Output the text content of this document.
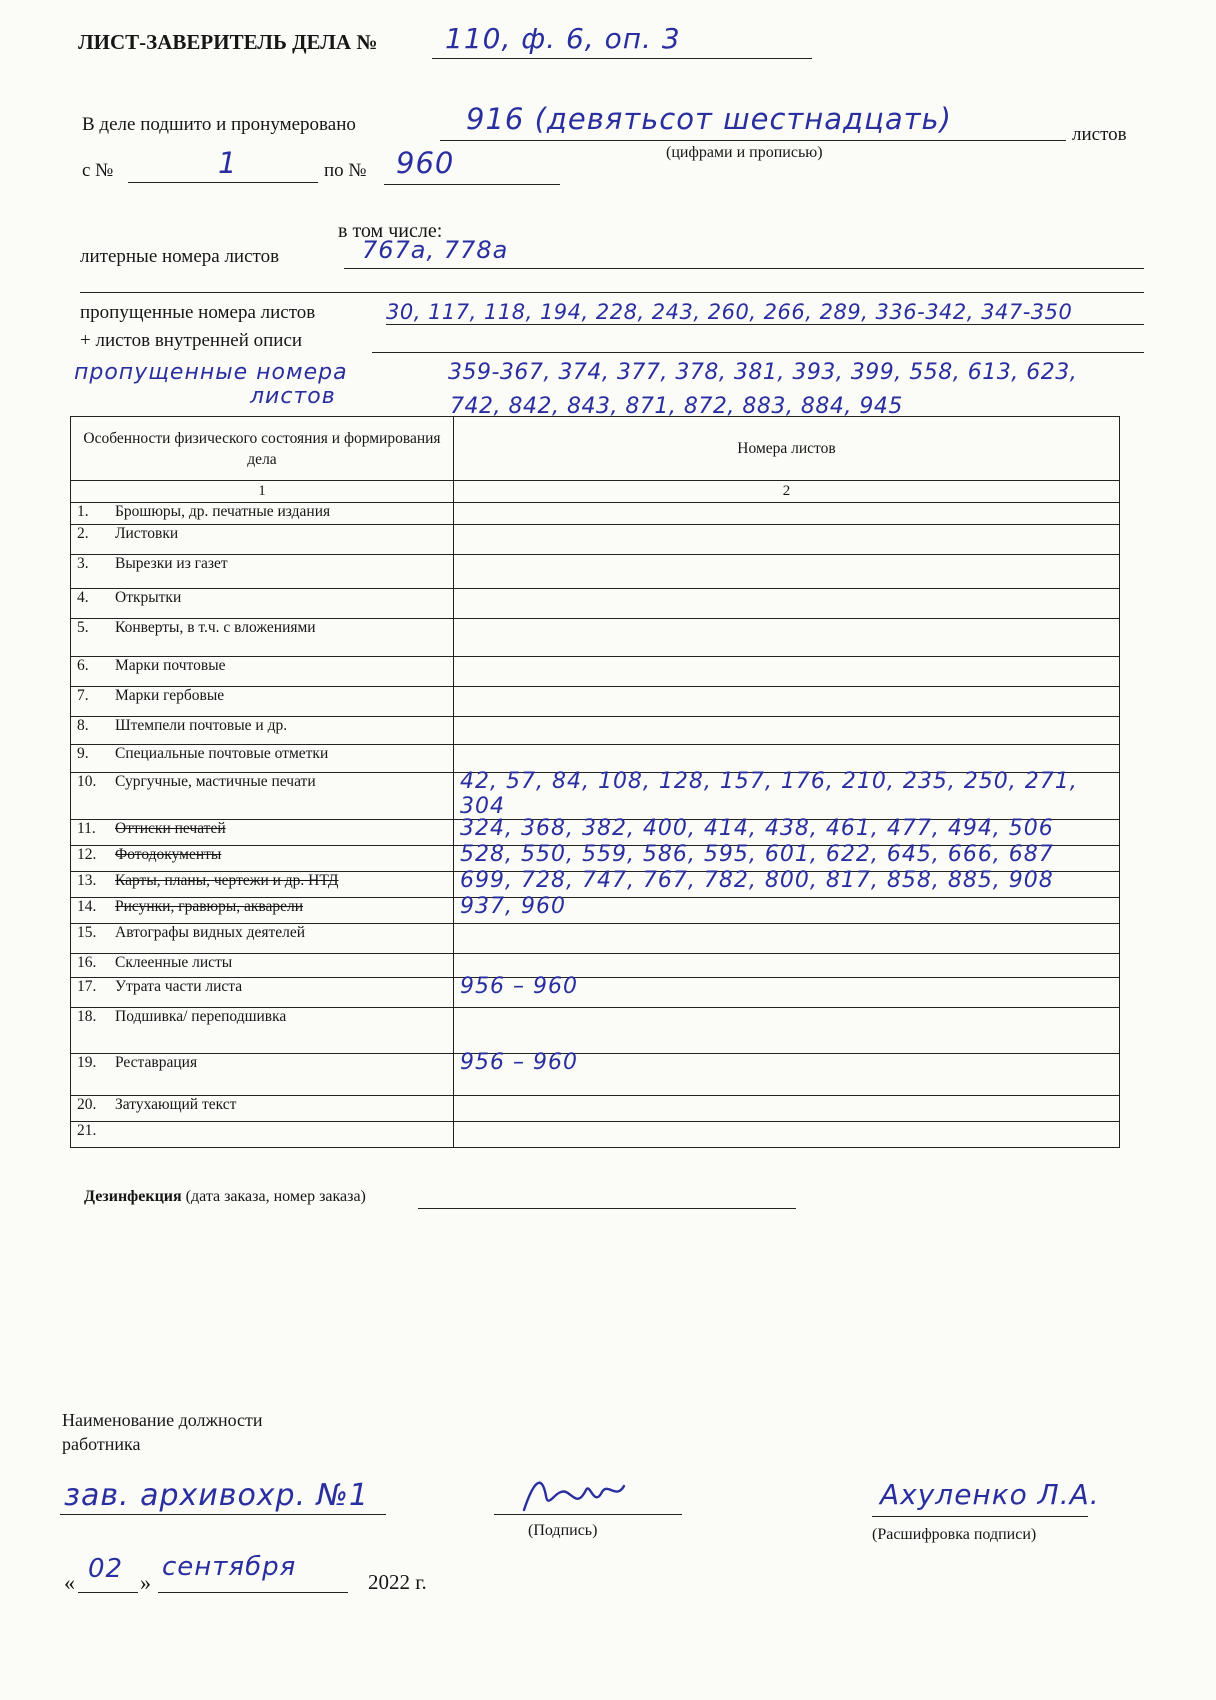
ЛИСТ-ЗАВЕРИТЕЛЬ ДЕЛА № 110, ф. 6, оп. 3
В деле подшито и пронумеровано	916 (девятьсот шестнадцать)	листов
(цифрами и прописью)
с №	1	по № 960
в том числе:
литерные номера листов	767а, 778а
пропущенные номера листов	30, 117, 118, 194, 228, 243, 260, 266, 289, 336-342, 347-350
+ листов внутренней описи
пропущенные номера
листов
359-367, 374, 377, 378, 381, 393, 399, 558, 613, 623,
742, 842, 843, 871, 872, 883, 884, 945
Особенности физического состояния и формирования дела	Номера листов
1	2
1. Брошюры, др. печатные издания	

2. Листовки	

3. Вырезки из газет	

4. Открытки	

5. Конверты, в т.ч. с вложениями	

6. Марки почтовые	

7. Марки гербовые	

8. Штемпели почтовые и др.	

9. Специальные почтовые отметки	

10. Сургучные, мастичные печати	42, 57, 84, 108, 128, 157, 176, 210, 235, 250, 271, 304

11. Оттиски печатей	324, 368, 382, 400, 414, 438, 461, 477, 494, 506

12. Фотодокументы	528, 550, 559, 586, 595, 601, 622, 645, 666, 687

13. Карты, планы, чертежи и др. НТД	699, 728, 747, 767, 782, 800, 817, 858, 885, 908

14. Рисунки, гравюры, акварели	937, 960

15. Автографы видных деятелей	

16. Склеенные листы	

17. Утрата части листа	956 – 960

18. Подшивка/ переподшивка	

19. Реставрация	956 – 960

20. Затухающий текст	

21.	
Дезинфекция (дата заказа, номер заказа)
Наименование должности
работника
зав. архивохр. №1
(Подпись)
Ахуленко Л.А.
(Расшифровка подписи)
« 02 »
сентября	2022 г.
